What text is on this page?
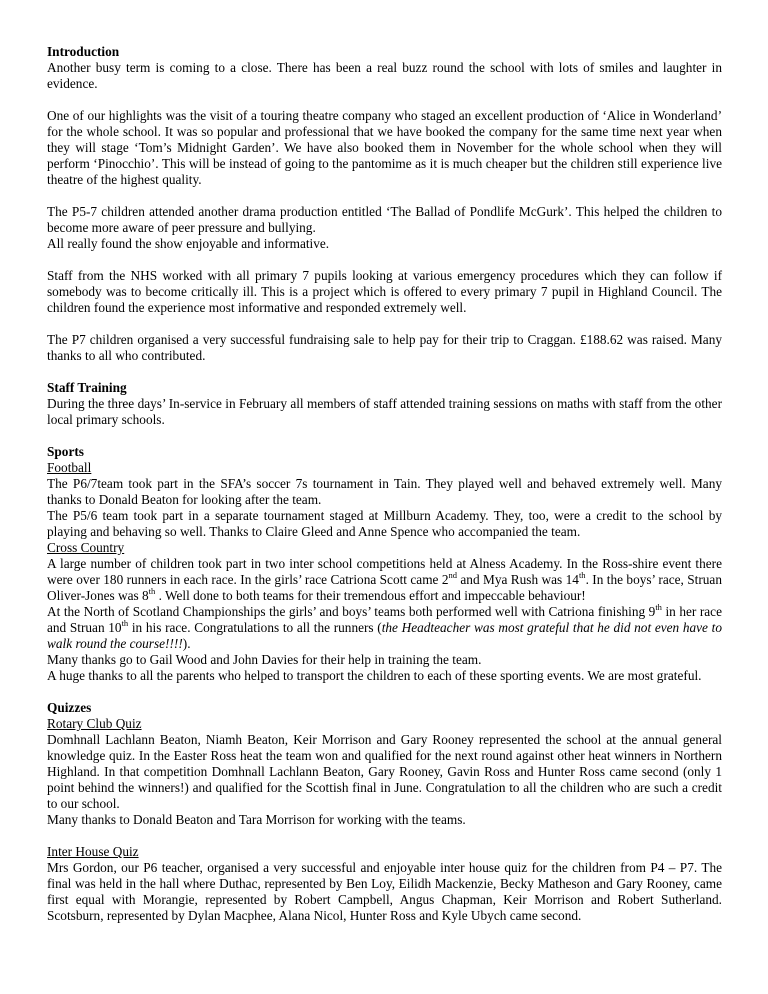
Introduction

Another busy term is coming to a close. There has been a real buzz round the school with lots of smiles and laughter in evidence.

One of our highlights was the visit of a touring theatre company who staged an excellent production of ‘Alice in Wonderland’ for the whole school. It was so popular and professional that we have booked the company for the same time next year when they will stage ‘Tom’s Midnight Garden’. We have also booked them in November for the whole school when they will perform ‘Pinocchio’. This will be instead of going to the pantomime as it is much cheaper but the children still experience live theatre of the highest quality.

The P5-7 children attended another drama production entitled ‘The Ballad of Pondlife McGurk’. This helped the children to become more aware of peer pressure and bullying.

All really found the show enjoyable and informative.

Staff from the NHS worked with all primary 7 pupils looking at various emergency procedures which they can follow if somebody was to become critically ill. This is a project which is offered to every primary 7 pupil in Highland Council. The children found the experience most informative and responded extremely well.

The P7 children organised a very successful fundraising sale to help pay for their trip to Craggan. £188.62 was raised. Many thanks to all who contributed.

Staff Training

During the three days’ In-service in February all members of staff attended training sessions on maths with staff from the other local primary schools.

Sports

Football

The P6/7team took part in the SFA’s soccer 7s tournament in Tain. They played well and behaved extremely well. Many thanks to Donald Beaton for looking after the team.

The P5/6 team took part in a separate tournament staged at Millburn Academy. They, too, were a credit to the school by playing and behaving so well. Thanks to Claire Gleed and Anne Spence who accompanied the team.

Cross Country

A large number of children took part in two inter school competitions held at Alness Academy. In the Ross-shire event there were over 180 runners in each race. In the girls’ race Catriona Scott came 2nd and Mya Rush was 14th. In the boys’ race, Struan Oliver-Jones was 8th . Well done to both teams for their tremendous effort and impeccable behaviour!

At the North of Scotland Championships the girls’ and boys’ teams both performed well with Catriona finishing 9th in her race and Struan 10th in his race. Congratulations to all the runners (the Headteacher was most grateful that he did not even have to walk round the course!!!!).

Many thanks go to Gail Wood and John Davies for their help in training the team.

A huge thanks to all the parents who helped to transport the children to each of these sporting events. We are most grateful.

Quizzes

Rotary Club Quiz

Domhnall Lachlann Beaton, Niamh Beaton, Keir Morrison and Gary Rooney represented the school at the annual general knowledge quiz. In the Easter Ross heat the team won and qualified for the next round against other heat winners in Northern Highland. In that competition Domhnall Lachlann Beaton, Gary Rooney, Gavin Ross and Hunter Ross came second (only 1 point behind the winners!) and qualified for the Scottish final in June. Congratulation to all the children who are such a credit to our school.

Many thanks to Donald Beaton and Tara Morrison for working with the teams.

Inter House Quiz

Mrs Gordon, our P6 teacher, organised a very successful and enjoyable inter house quiz for the children from P4 – P7. The final was held in the hall where Duthac, represented by Ben Loy, Eilidh Mackenzie, Becky Matheson and Gary Rooney, came first equal with Morangie, represented by Robert Campbell, Angus Chapman, Keir Morrison and Robert Sutherland. Scotsburn, represented by Dylan Macphee, Alana Nicol, Hunter Ross and Kyle Ubych came second.
